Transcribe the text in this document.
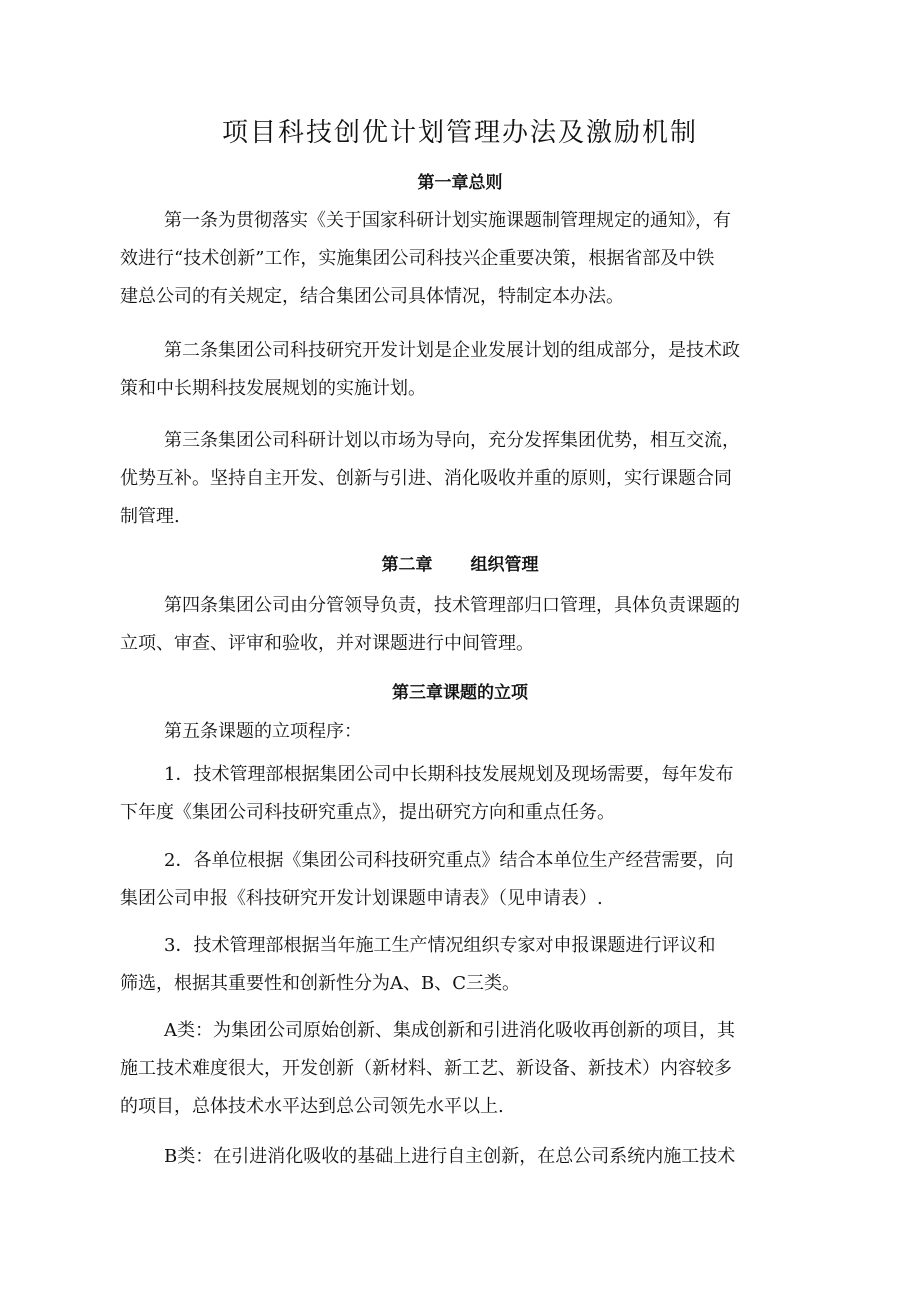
项目科技创优计划管理办法及激励机制
第一章总则

第一条为贯彻落实《关于国家科研计划实施课题制管理规定的通知》，有
效进行“技术创新”工作，实施集团公司科技兴企重要决策，根据省部及中铁
建总公司的有关规定，结合集团公司具体情况，特制定本办法。

第二条集团公司科技研究开发计划是企业发展计划的组成部分，是技术政
策和中长期科技发展规划的实施计划。

第三条集团公司科研计划以市场为导向，充分发挥集团优势，相互交流，
优势互补。坚持自主开发、创新与引进、消化吸收并重的原则，实行课题合同
制管理.

第二章 组织管理

第四条集团公司由分管领导负责，技术管理部归口管理，具体负责课题的
立项、审查、评审和验收，并对课题进行中间管理。

第三章课题的立项

第五条课题的立项程序：

1．技术管理部根据集团公司中长期科技发展规划及现场需要，每年发布
下年度《集团公司科技研究重点》，提出研究方向和重点任务。

2．各单位根据《集团公司科技研究重点》结合本单位生产经营需要，向
集团公司申报《科技研究开发计划课题申请表》（见申请表）.

3．技术管理部根据当年施工生产情况组织专家对申报课题进行评议和
筛选，根据其重要性和创新性分为A、B、C三类。

A类：为集团公司原始创新、集成创新和引进消化吸收再创新的项目，其
施工技术难度很大，开发创新（新材料、新工艺、新设备、新技术）内容较多
的项目，总体技术水平达到总公司领先水平以上.

B类：在引进消化吸收的基础上进行自主创新，在总公司系统内施工技术
